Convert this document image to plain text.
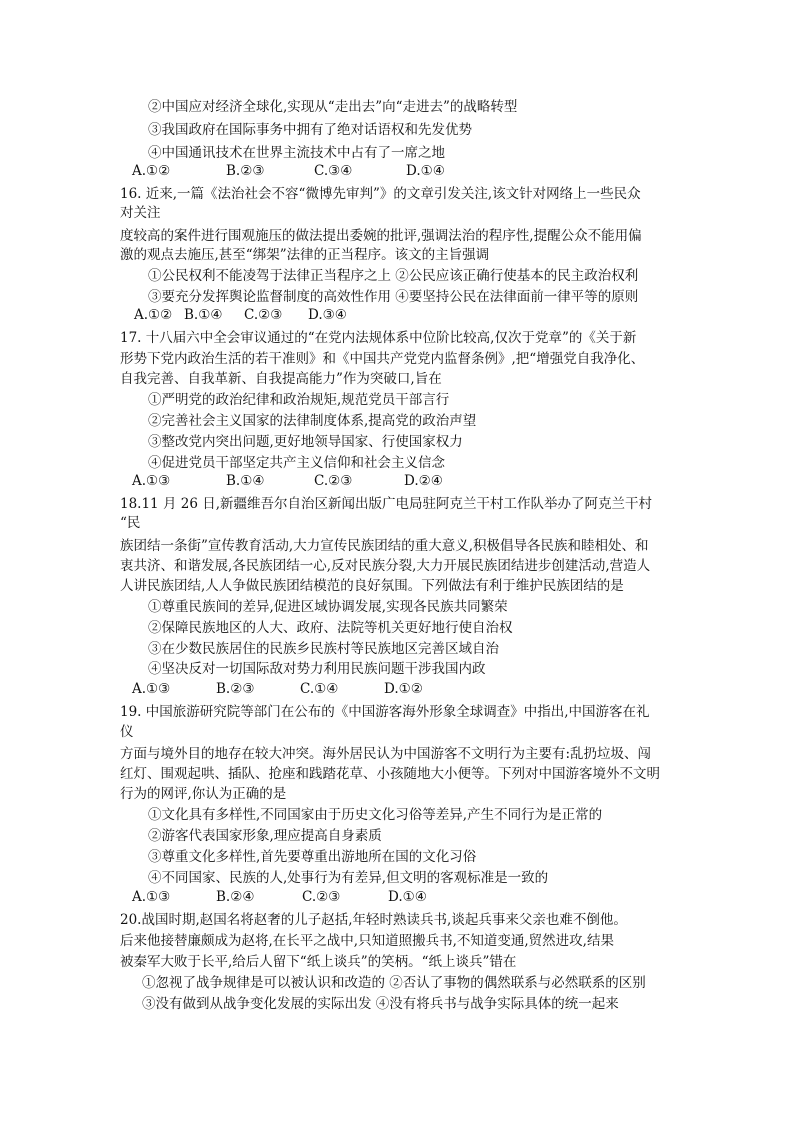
②中国应对经济全球化,实现从“走出去”向“走进去”的战略转型
③我国政府在国际事务中拥有了绝对话语权和先发优势
④中国通讯技术在世界主流技术中占有了一席之地
A.①②	B.②③	C.③④	D.①④
16. 近来,一篇《法治社会不容“微博先审判”》的文章引发关注,该文针对网络上一些民众
对关注
度较高的案件进行围观施压的做法提出委婉的批评,强调法治的程序性,提醒公众不能用偏
激的观点去施压,甚至“绑架”法律的正当程序。该文的主旨强调
①公民权利不能凌驾于法律正当程序之上 ②公民应该正确行使基本的民主政治权利
③要充分发挥舆论监督制度的高效性作用 ④要坚持公民在法律面前一律平等的原则
A.①② B.①④ C.②③ D.③④
17. 十八届六中全会审议通过的“在党内法规体系中位阶比较高,仅次于党章”的《关于新
形势下党内政治生活的若干准则》和《中国共产党党内监督条例》,把“增强党自我净化、
自我完善、自我革新、自我提高能力”作为突破口,旨在
①严明党的政治纪律和政治规矩,规范党员干部言行
②完善社会主义国家的法律制度体系,提高党的政治声望
③整改党内突出问题,更好地领导国家、行使国家权力
④促进党员干部坚定共产主义信仰和社会主义信念
A.①③	B.①④	C.②③	D.②④
18.11 月 26 日,新疆维吾尔自治区新闻出版广电局驻阿克兰干村工作队举办了阿克兰干村
“民
族团结一条街”宣传教育活动,大力宣传民族团结的重大意义,积极倡导各民族和睦相处、和
衷共济、和谐发展,各民族团结一心,反对民族分裂,大力开展民族团结进步创建活动,营造人
人讲民族团结,人人争做民族团结模范的良好氛围。下列做法有利于维护民族团结的是
①尊重民族间的差异,促进区域协调发展,实现各民族共同繁荣
②保障民族地区的人大、政府、法院等机关更好地行使自治权
③在少数民族居住的民族乡民族村等民族地区完善区域自治
④坚决反对一切国际敌对势力利用民族问题干涉我国内政
A.①③	B.②③	C.①④	D.①②
19. 中国旅游研究院等部门在公布的《中国游客海外形象全球调查》中指出,中国游客在礼
仪
方面与境外目的地存在较大冲突。海外居民认为中国游客不文明行为主要有:乱扔垃圾、闯
红灯、围观起哄、插队、抢座和践踏花草、小孩随地大小便等。下列对中国游客境外不文明
行为的网评,你认为正确的是
①文化具有多样性,不同国家由于历史文化习俗等差异,产生不同行为是正常的
②游客代表国家形象,理应提高自身素质
③尊重文化多样性,首先要尊重出游地所在国的文化习俗
④不同国家、民族的人,处事行为有差异,但文明的客观标准是一致的
A.①③	B.②④	C.②③	D.①④
20.战国时期,赵国名将赵奢的儿子赵括,年轻时熟读兵书,谈起兵事来父亲也难不倒他。
后来他接替廉颇成为赵将,在长平之战中,只知道照搬兵书,不知道变通,贸然进攻,结果
被秦军大败于长平,给后人留下“纸上谈兵”的笑柄。“纸上谈兵”错在
①忽视了战争规律是可以被认识和改造的 ②否认了事物的偶然联系与必然联系的区别
③没有做到从战争变化发展的实际出发 ④没有将兵书与战争实际具体的统一起来
